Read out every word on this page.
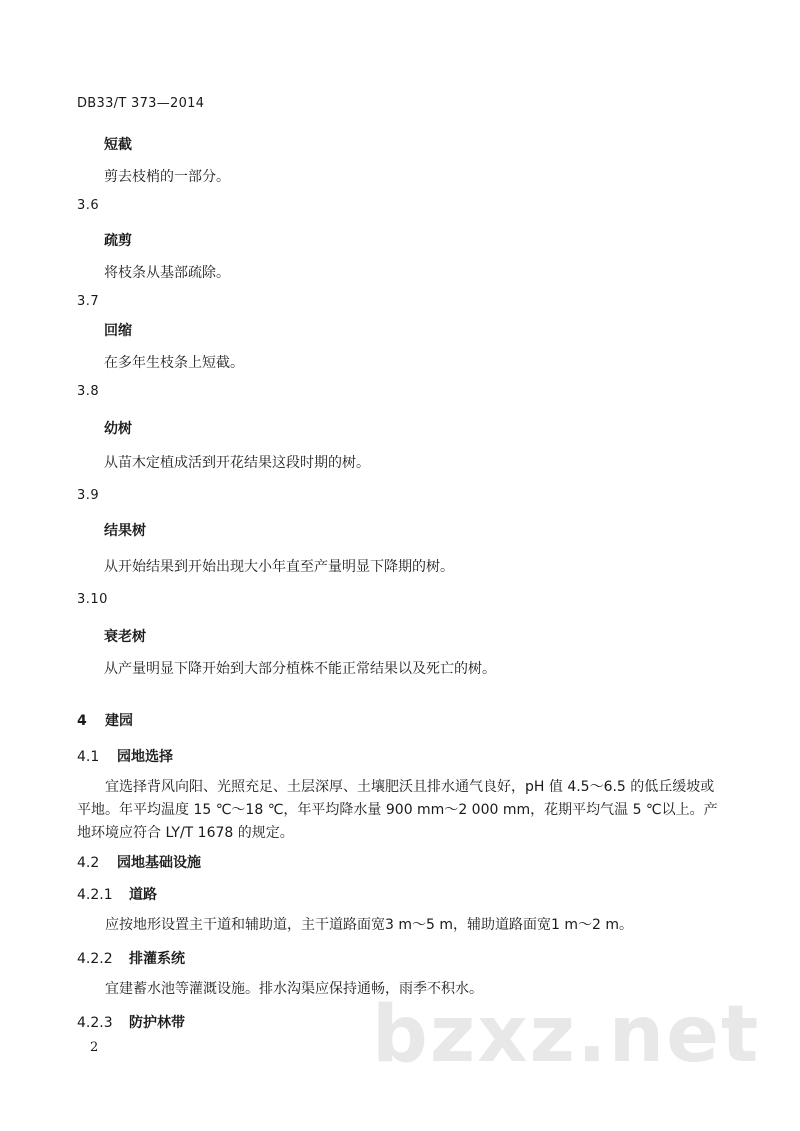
DB33/T 373—2014
短截
剪去枝梢的一部分。
3.6
疏剪
将枝条从基部疏除。
3.7
回缩
在多年生枝条上短截。
3.8
幼树
从苗木定植成活到开花结果这段时期的树。
3.9
结果树
从开始结果到开始出现大小年直至产量明显下降期的树。
3.10
衰老树
从产量明显下降开始到大部分植株不能正常结果以及死亡的树。
4 建园
4.1 园地选择
宜选择背风向阳、光照充足、土层深厚、土壤肥沃且排水通气良好，pH 值 4.5～6.5 的低丘缓坡或平地。年平均温度 15 ℃～18 ℃，年平均降水量 900 mm～2 000 mm，花期平均气温 5 ℃以上。产地环境应符合 LY/T 1678 的规定。
4.2 园地基础设施
4.2.1 道路
应按地形设置主干道和辅助道，主干道路面宽3 m～5 m，辅助道路面宽1 m～2 m。
4.2.2 排灌系统
宜建蓄水池等灌溉设施。排水沟渠应保持通畅，雨季不积水。
4.2.3 防护林带 bzxz.net
2
